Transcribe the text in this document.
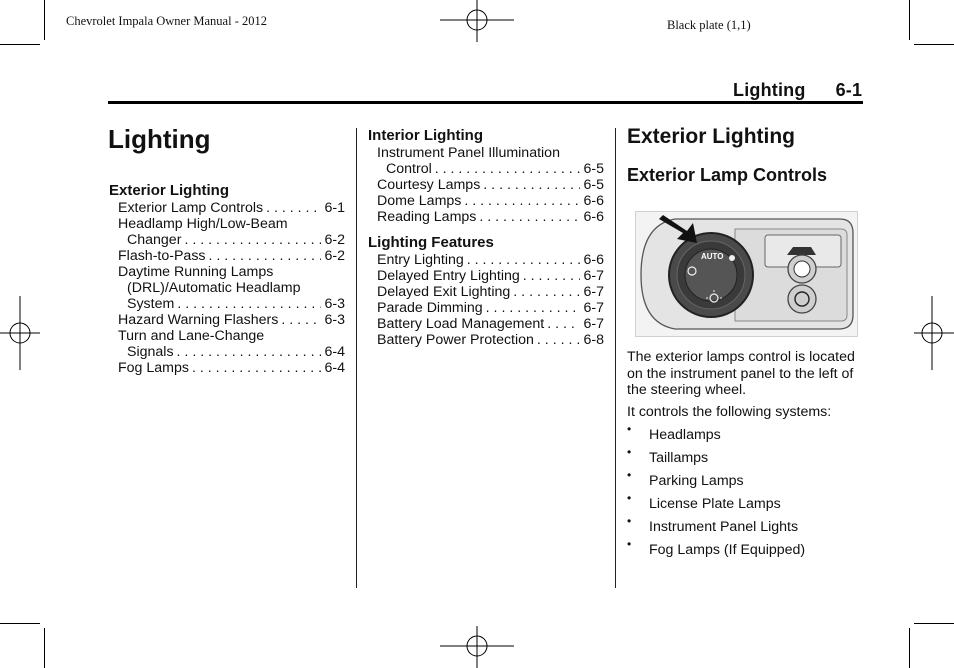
Chevrolet Impala Owner Manual - 2012	Black plate (1,1)
Lighting 6-1
Lighting
Exterior Lighting
Exterior Lamp Controls . . .	6-1
Headlamp High/Low-Beam
Changer . . .	6-2
Flash-to-Pass . . .	6-2
Daytime Running Lamps
(DRL)/Automatic Headlamp
System . . .	6-3
Hazard Warning Flashers . . .	6-3
Turn and Lane-Change
Signals . . .	6-4
Fog Lamps . . .	6-4
Interior Lighting
Instrument Panel Illumination
Control . . .	6-5
Courtesy Lamps . . .	6-5
Dome Lamps . . .	6-6
Reading Lamps . . .	6-6
Lighting Features
Entry Lighting . . .	6-6
Delayed Entry Lighting . . .	6-7
Delayed Exit Lighting . . .	6-7
Parade Dimming . . .	6-7
Battery Load Management . . .	6-7
Battery Power Protection . . .	6-8
Exterior Lighting
Exterior Lamp Controls
AUTO
The exterior lamps control is located
on the instrument panel to the left of
the steering wheel.
It controls the following systems:
• Headlamps
• Taillamps
• Parking Lamps
• License Plate Lamps
• Instrument Panel Lights
• Fog Lamps (If Equipped)
